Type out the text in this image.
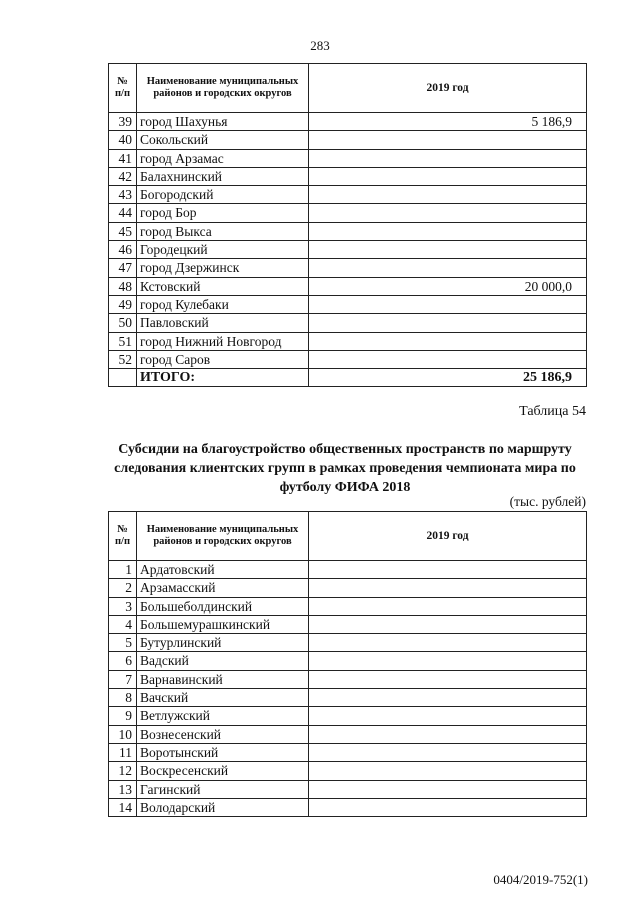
283
№ п/п	Наименование муниципальных районов и городских округов	2019 год
39	город Шахунья	5 186,9
40	Сокольский	
41	город Арзамас	
42	Балахнинский	
43	Богородский	
44	город Бор	
45	город Выкса	
46	Городецкий	
47	город Дзержинск	
48	Кстовский	20 000,0
49	город Кулебаки	
50	Павловский	
51	город Нижний Новгород	
52	город Саров	
	ИТОГО:	25 186,9
Таблица 54
Субсидии на благоустройство общественных пространств по маршруту следования клиентских групп в рамках проведения чемпионата мира по футболу ФИФА 2018
(тыс. рублей)
№ п/п	Наименование муниципальных районов и городских округов	2019 год
1	Ардатовский	
2	Арзамасский	
3	Большеболдинский	
4	Большемурашкинский	
5	Бутурлинский	
6	Вадский	
7	Варнавинский	
8	Вачский	
9	Ветлужский	
10	Вознесенский	
11	Воротынский	
12	Воскресенский	
13	Гагинский	
14	Володарский	
0404/2019-752(1)
